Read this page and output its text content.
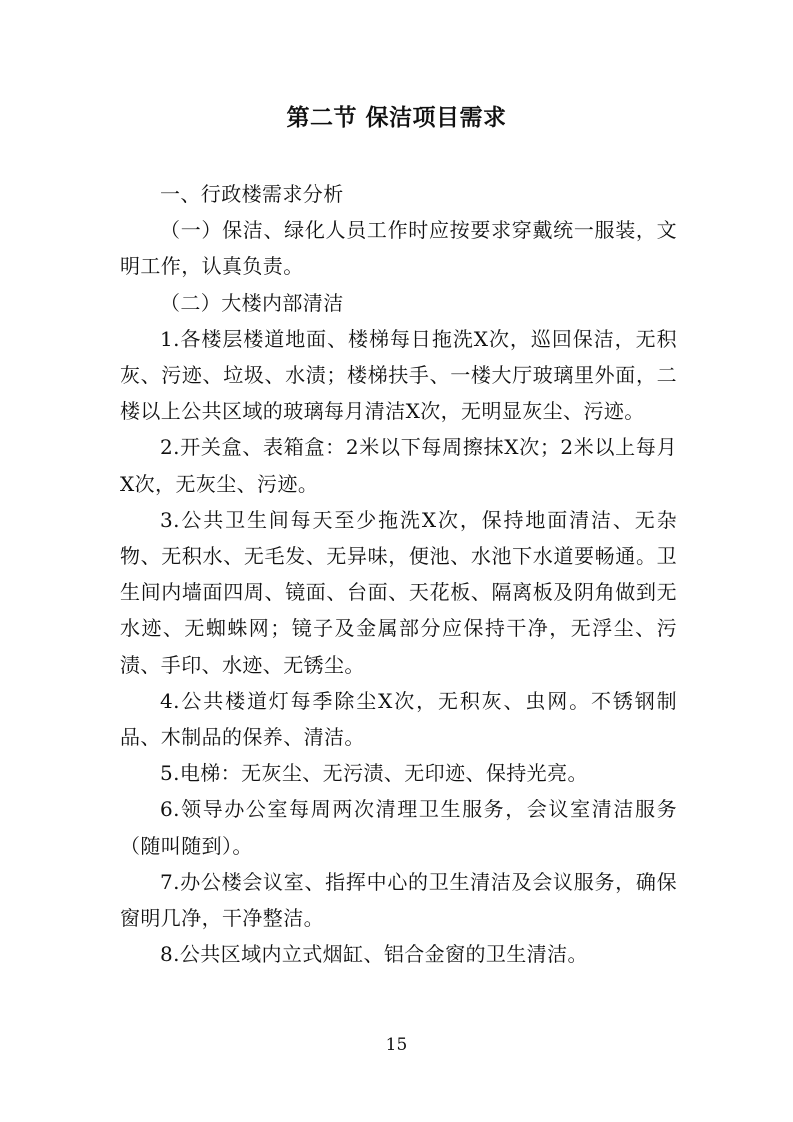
第二节 保洁项目需求

一、行政楼需求分析

（一）保洁、绿化人员工作时应按要求穿戴统一服装，文明工作，认真负责。

（二）大楼内部清洁

1.各楼层楼道地面、楼梯每日拖洗X次，巡回保洁，无积灰、污迹、垃圾、水渍；楼梯扶手、一楼大厅玻璃里外面，二楼以上公共区域的玻璃每月清洁X次，无明显灰尘、污迹。

2.开关盒、表箱盒：2米以下每周擦抹X次；2米以上每月X次，无灰尘、污迹。

3.公共卫生间每天至少拖洗X次，保持地面清洁、无杂物、无积水、无毛发、无异味，便池、水池下水道要畅通。卫生间内墙面四周、镜面、台面、天花板、隔离板及阴角做到无水迹、无蜘蛛网；镜子及金属部分应保持干净，无浮尘、污渍、手印、水迹、无锈尘。

4.公共楼道灯每季除尘X次，无积灰、虫网。不锈钢制品、木制品的保养、清洁。

5.电梯：无灰尘、无污渍、无印迹、保持光亮。

6.领导办公室每周两次清理卫生服务，会议室清洁服务（随叫随到）。

7.办公楼会议室、指挥中心的卫生清洁及会议服务，确保窗明几净，干净整洁。

8.公共区域内立式烟缸、铝合金窗的卫生清洁。

15
